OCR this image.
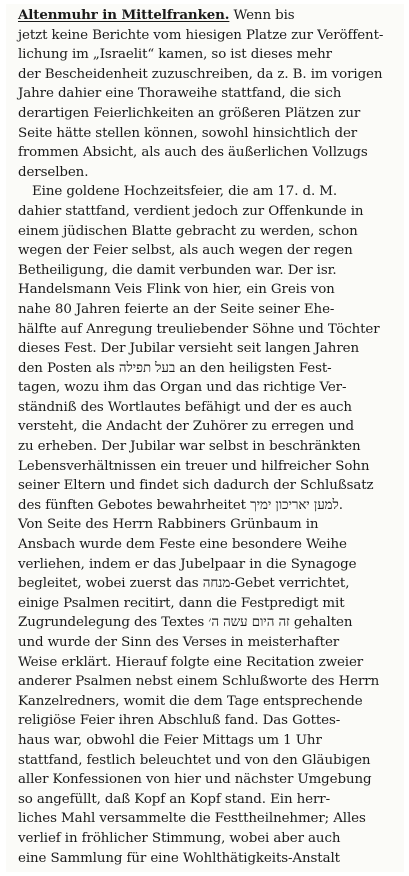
Altenmuhr in Mittelfranken. Wenn bis
jetzt keine Berichte vom hiesigen Platze zur Veröffent-
lichung im „Israelit“ kamen, so ist dieses mehr
der Bescheidenheit zuzuschreiben, da z. B. im vorigen
Jahre dahier eine Thoraweihe stattfand, die sich
derartigen Feierlichkeiten an größeren Plätzen zur
Seite hätte stellen können, sowohl hinsichtlich der
frommen Absicht, als auch des äußerlichen Vollzugs
derselben.
Eine goldene Hochzeitsfeier, die am 17. d. M.
dahier stattfand, verdient jedoch zur Offenkunde in
einem jüdischen Blatte gebracht zu werden, schon
wegen der Feier selbst, als auch wegen der regen
Betheiligung, die damit verbunden war. Der isr.
Handelsmann Veis Flink von hier, ein Greis von
nahe 80 Jahren feierte an der Seite seiner Ehe-
hälfte auf Anregung treuliebender Söhne und Töchter
dieses Fest. Der Jubilar versieht seit langen Jahren
den Posten als בעל תפילה an den heiligsten Fest-
tagen, wozu ihm das Organ und das richtige Ver-
ständniß des Wortlautes befähigt und der es auch
versteht, die Andacht der Zuhörer zu erregen und
zu erheben. Der Jubilar war selbst in beschränkten
Lebensverhältnissen ein treuer und hilfreicher Sohn
seiner Eltern und findet sich dadurch der Schlußsatz
des fünften Gebotes bewahrheitet למען יאריכון ימיך.
Von Seite des Herrn Rabbiners Grünbaum in
Ansbach wurde dem Feste eine besondere Weihe
verliehen, indem er das Jubelpaar in die Synagoge
begleitet, wobei zuerst das מנחה-Gebet verrichtet,
einige Psalmen recitirt, dann die Festpredigt mit
Zugrundelegung des Textes זה היום עשה ה׳ gehalten
und wurde der Sinn des Verses in meisterhafter
Weise erklärt. Hierauf folgte eine Recitation zweier
anderer Psalmen nebst einem Schlußworte des Herrn
Kanzelredners, womit die dem Tage entsprechende
religiöse Feier ihren Abschluß fand. Das Gottes-
haus war, obwohl die Feier Mittags um 1 Uhr
stattfand, festlich beleuchtet und von den Gläubigen
aller Konfessionen von hier und nächster Umgebung
so angefüllt, daß Kopf an Kopf stand. Ein herr-
liches Mahl versammelte die Festtheilnehmer; Alles
verlief in fröhlicher Stimmung, wobei aber auch
eine Sammlung für eine Wohlthätigkeits-Anstalt
